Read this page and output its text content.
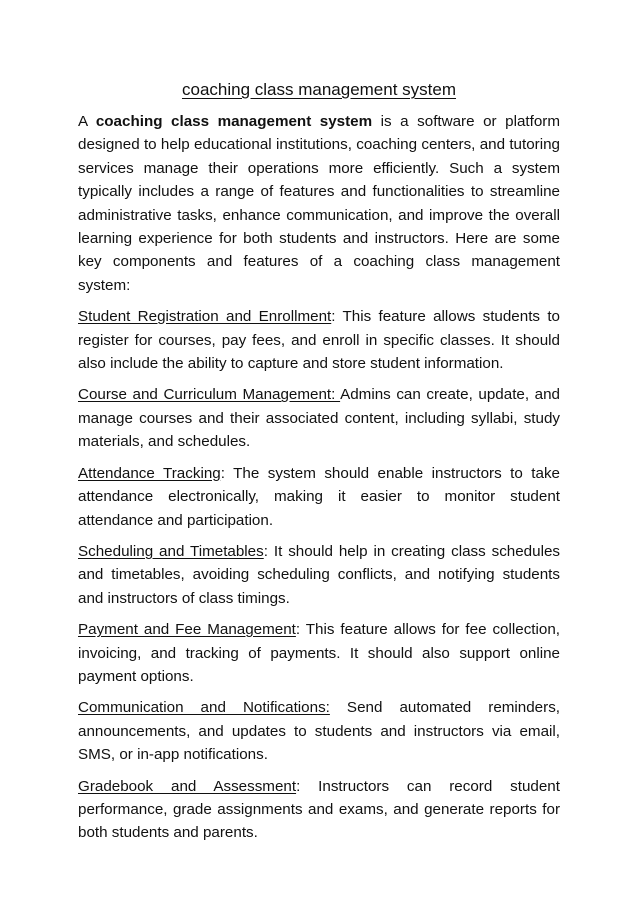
coaching class management system

A coaching class management system is a software or platform designed to help educational institutions, coaching centers, and tutoring services manage their operations more efficiently. Such a system typically includes a range of features and functionalities to streamline administrative tasks, enhance communication, and improve the overall learning experience for both students and instructors. Here are some key components and features of a coaching class management system:

Student Registration and Enrollment: This feature allows students to register for courses, pay fees, and enroll in specific classes. It should also include the ability to capture and store student information.

Course and Curriculum Management: Admins can create, update, and manage courses and their associated content, including syllabi, study materials, and schedules.

Attendance Tracking: The system should enable instructors to take attendance electronically, making it easier to monitor student attendance and participation.

Scheduling and Timetables: It should help in creating class schedules and timetables, avoiding scheduling conflicts, and notifying students and instructors of class timings.

Payment and Fee Management: This feature allows for fee collection, invoicing, and tracking of payments. It should also support online payment options.

Communication and Notifications: Send automated reminders, announcements, and updates to students and instructors via email, SMS, or in-app notifications.

Gradebook and Assessment: Instructors can record student performance, grade assignments and exams, and generate reports for both students and parents.
